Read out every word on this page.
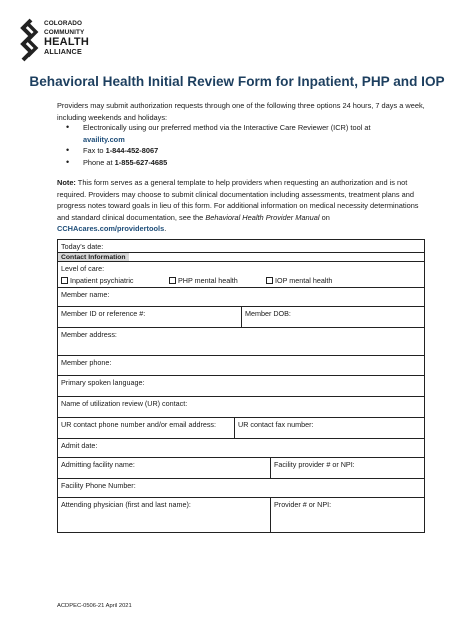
COLORADO
COMMUNITY
HEALTH
ALLIANCE
Behavioral Health Initial Review Form for Inpatient, PHP and IOP
Providers may submit authorization requests through one of the following three options 24 hours, 7 days a week, including weekends and holidays:
• Electronically using our preferred method via the Interactive Care Reviewer (ICR) tool at
availity.com
• Fax to 1-844-452-8067
• Phone at 1-855-627-4685
Note: This form serves as a general template to help providers when requesting an authorization and is not required. Providers may choose to submit clinical documentation including assessments, treatment plans and progress notes toward goals in lieu of this form. For additional information on medical necessity determinations and standard clinical documentation, see the Behavioral Health Provider Manual on CCHAcares.com/providertools.
Today’s date:
Contact Information
Level of care:
Inpatient psychiatric	PHP mental health	IOP mental health
Member name:
Member ID or reference #:	Member DOB:
Member address:
Member phone:
Primary spoken language:
Name of utilization review (UR) contact:
UR contact phone number and/or email address:	UR contact fax number:
Admit date:
Admitting facility name:	Facility provider # or NPI:
Facility Phone Number:
Attending physician (first and last name):	Provider # or NPI:
ACDPEC-0506-21 April 2021
